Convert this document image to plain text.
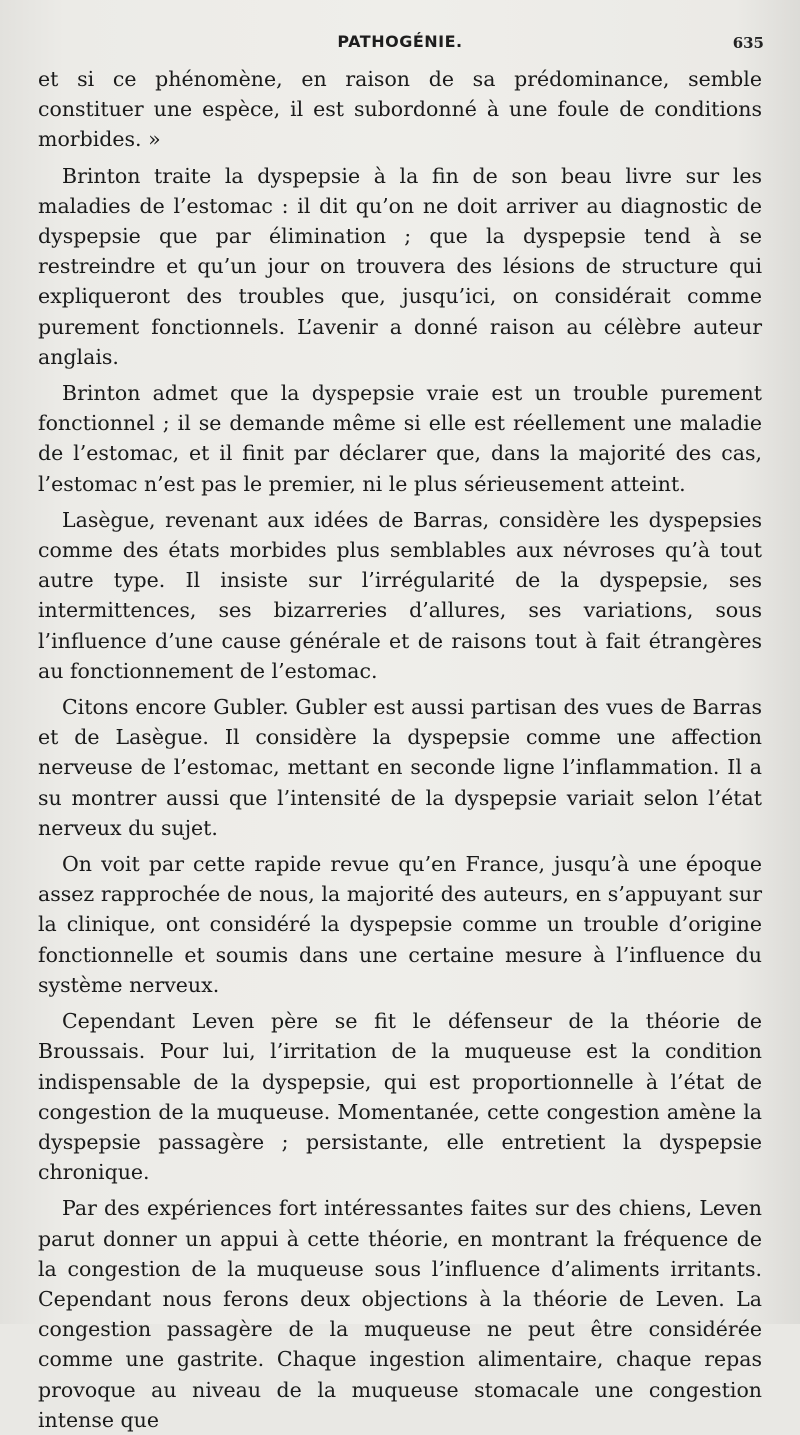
PATHOGÉNIE.	635

et si ce phénomène, en raison de sa prédominance, semble constituer une espèce, il est subordonné à une foule de conditions morbides. »

Brinton traite la dyspepsie à la fin de son beau livre sur les maladies de l’estomac : il dit qu’on ne doit arriver au diagnostic de dyspepsie que par élimination ; que la dyspepsie tend à se restreindre et qu’un jour on trouvera des lésions de structure qui expliqueront des troubles que, jusqu’ici, on considérait comme purement fonctionnels. L’avenir a donné raison au célèbre auteur anglais.

Brinton admet que la dyspepsie vraie est un trouble purement fonctionnel ; il se demande même si elle est réellement une maladie de l’estomac, et il finit par déclarer que, dans la majorité des cas, l’estomac n’est pas le premier, ni le plus sérieusement atteint.

Lasègue, revenant aux idées de Barras, considère les dyspepsies comme des états morbides plus semblables aux névroses qu’à tout autre type. Il insiste sur l’irrégularité de la dyspepsie, ses intermittences, ses bizarreries d’allures, ses variations, sous l’influence d’une cause générale et de raisons tout à fait étrangères au fonctionnement de l’estomac.

Citons encore Gubler. Gubler est aussi partisan des vues de Barras et de Lasègue. Il considère la dyspepsie comme une affection nerveuse de l’estomac, mettant en seconde ligne l’inflammation. Il a su montrer aussi que l’intensité de la dyspepsie variait selon l’état nerveux du sujet.

On voit par cette rapide revue qu’en France, jusqu’à une époque assez rapprochée de nous, la majorité des auteurs, en s’appuyant sur la clinique, ont considéré la dyspepsie comme un trouble d’origine fonctionnelle et soumis dans une certaine mesure à l’influence du système nerveux.

Cependant Leven père se fit le défenseur de la théorie de Broussais. Pour lui, l’irritation de la muqueuse est la condition indispensable de la dyspepsie, qui est proportionnelle à l’état de congestion de la muqueuse. Momentanée, cette congestion amène la dyspepsie passagère ; persistante, elle entretient la dyspepsie chronique.

Par des expériences fort intéressantes faites sur des chiens, Leven parut donner un appui à cette théorie, en montrant la fréquence de la congestion de la muqueuse sous l’influence d’aliments irritants. Cependant nous ferons deux objections à la théorie de Leven. La congestion passagère de la muqueuse ne peut être considérée comme une gastrite. Chaque ingestion alimentaire, chaque repas provoque au niveau de la muqueuse stomacale une congestion intense que
